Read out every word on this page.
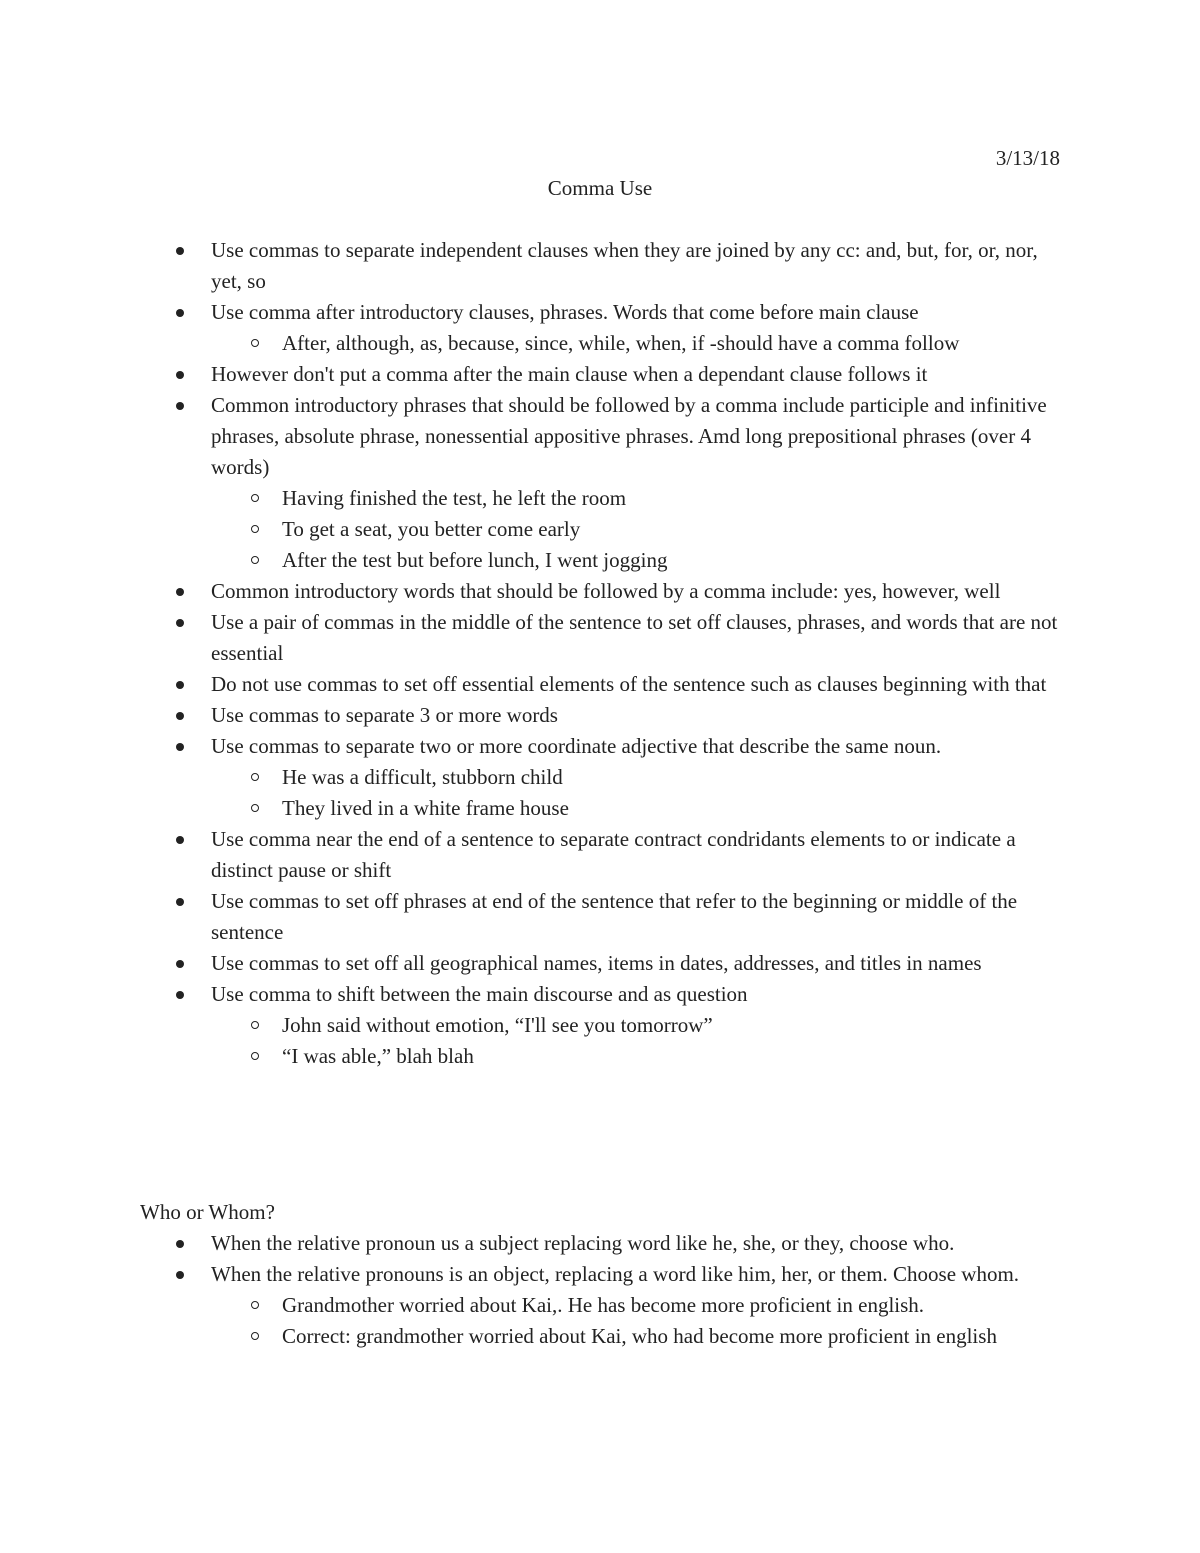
3/13/18
Comma Use
Use commas to separate independent clauses when they are joined by any cc: and, but, for, or, nor, yet, so
Use comma after introductory clauses, phrases. Words that come before main clause
After, although, as, because, since, while, when, if -should have a comma follow
However don't put a comma after the main clause when a dependant clause follows it
Common introductory phrases that should be followed by a comma include participle and infinitive phrases, absolute phrase, nonessential appositive phrases. Amd long prepositional phrases (over 4 words)
Having finished the test, he left the room
To get a seat, you better come early
After the test but before lunch, I went jogging
Common introductory words that should be followed by a comma include: yes, however, well
Use a pair of commas in the middle of the sentence to set off clauses, phrases, and words that are not essential
Do not use commas to set off essential elements of the sentence such as clauses beginning with that
Use commas to separate 3 or more words
Use commas to separate two or more coordinate adjective that describe the same noun.
He was a difficult, stubborn child
They lived in a white frame house
Use comma near the end of a sentence to separate contract condridants elements to or indicate a distinct pause or shift
Use commas to set off phrases at end of the sentence that refer to the beginning or middle of the sentence
Use commas to set off all geographical names, items in dates, addresses, and titles in names
Use comma to shift between the main discourse and as question
John said without emotion, “I'll see you tomorrow”
“I was able,” blah blah
Who or Whom?
When the relative pronoun us a subject replacing word like he, she, or they, choose who.
When the relative pronouns is an object, replacing a word like him, her, or them. Choose whom.
Grandmother worried about Kai,. He has become more proficient in english.
Correct: grandmother worried about Kai, who had become more proficient in english
